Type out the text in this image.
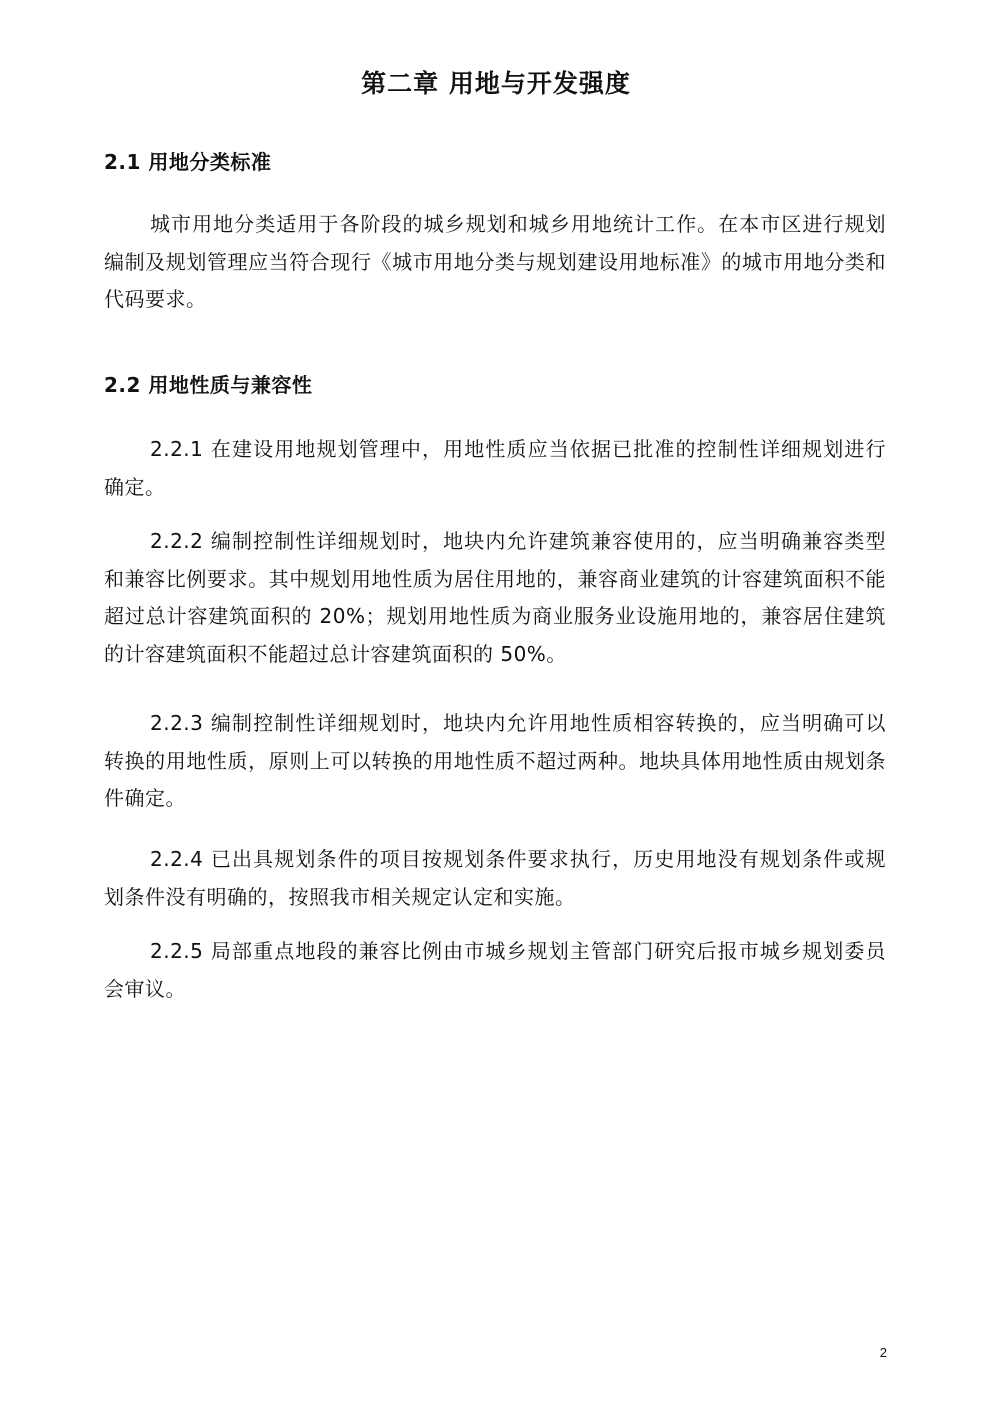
第二章 用地与开发强度
2.1 用地分类标准
城市用地分类适用于各阶段的城乡规划和城乡用地统计工作。在本市区进行规划编制及规划管理应当符合现行《城市用地分类与规划建设用地标准》的城市用地分类和代码要求。
2.2 用地性质与兼容性
2.2.1 在建设用地规划管理中，用地性质应当依据已批准的控制性详细规划进行确定。
2.2.2 编制控制性详细规划时，地块内允许建筑兼容使用的，应当明确兼容类型和兼容比例要求。其中规划用地性质为居住用地的，兼容商业建筑的计容建筑面积不能超过总计容建筑面积的 20%；规划用地性质为商业服务业设施用地的，兼容居住建筑的计容建筑面积不能超过总计容建筑面积的 50%。
2.2.3 编制控制性详细规划时，地块内允许用地性质相容转换的，应当明确可以转换的用地性质，原则上可以转换的用地性质不超过两种。地块具体用地性质由规划条件确定。
2.2.4 已出具规划条件的项目按规划条件要求执行，历史用地没有规划条件或规划条件没有明确的，按照我市相关规定认定和实施。
2.2.5 局部重点地段的兼容比例由市城乡规划主管部门研究后报市城乡规划委员会审议。
2
